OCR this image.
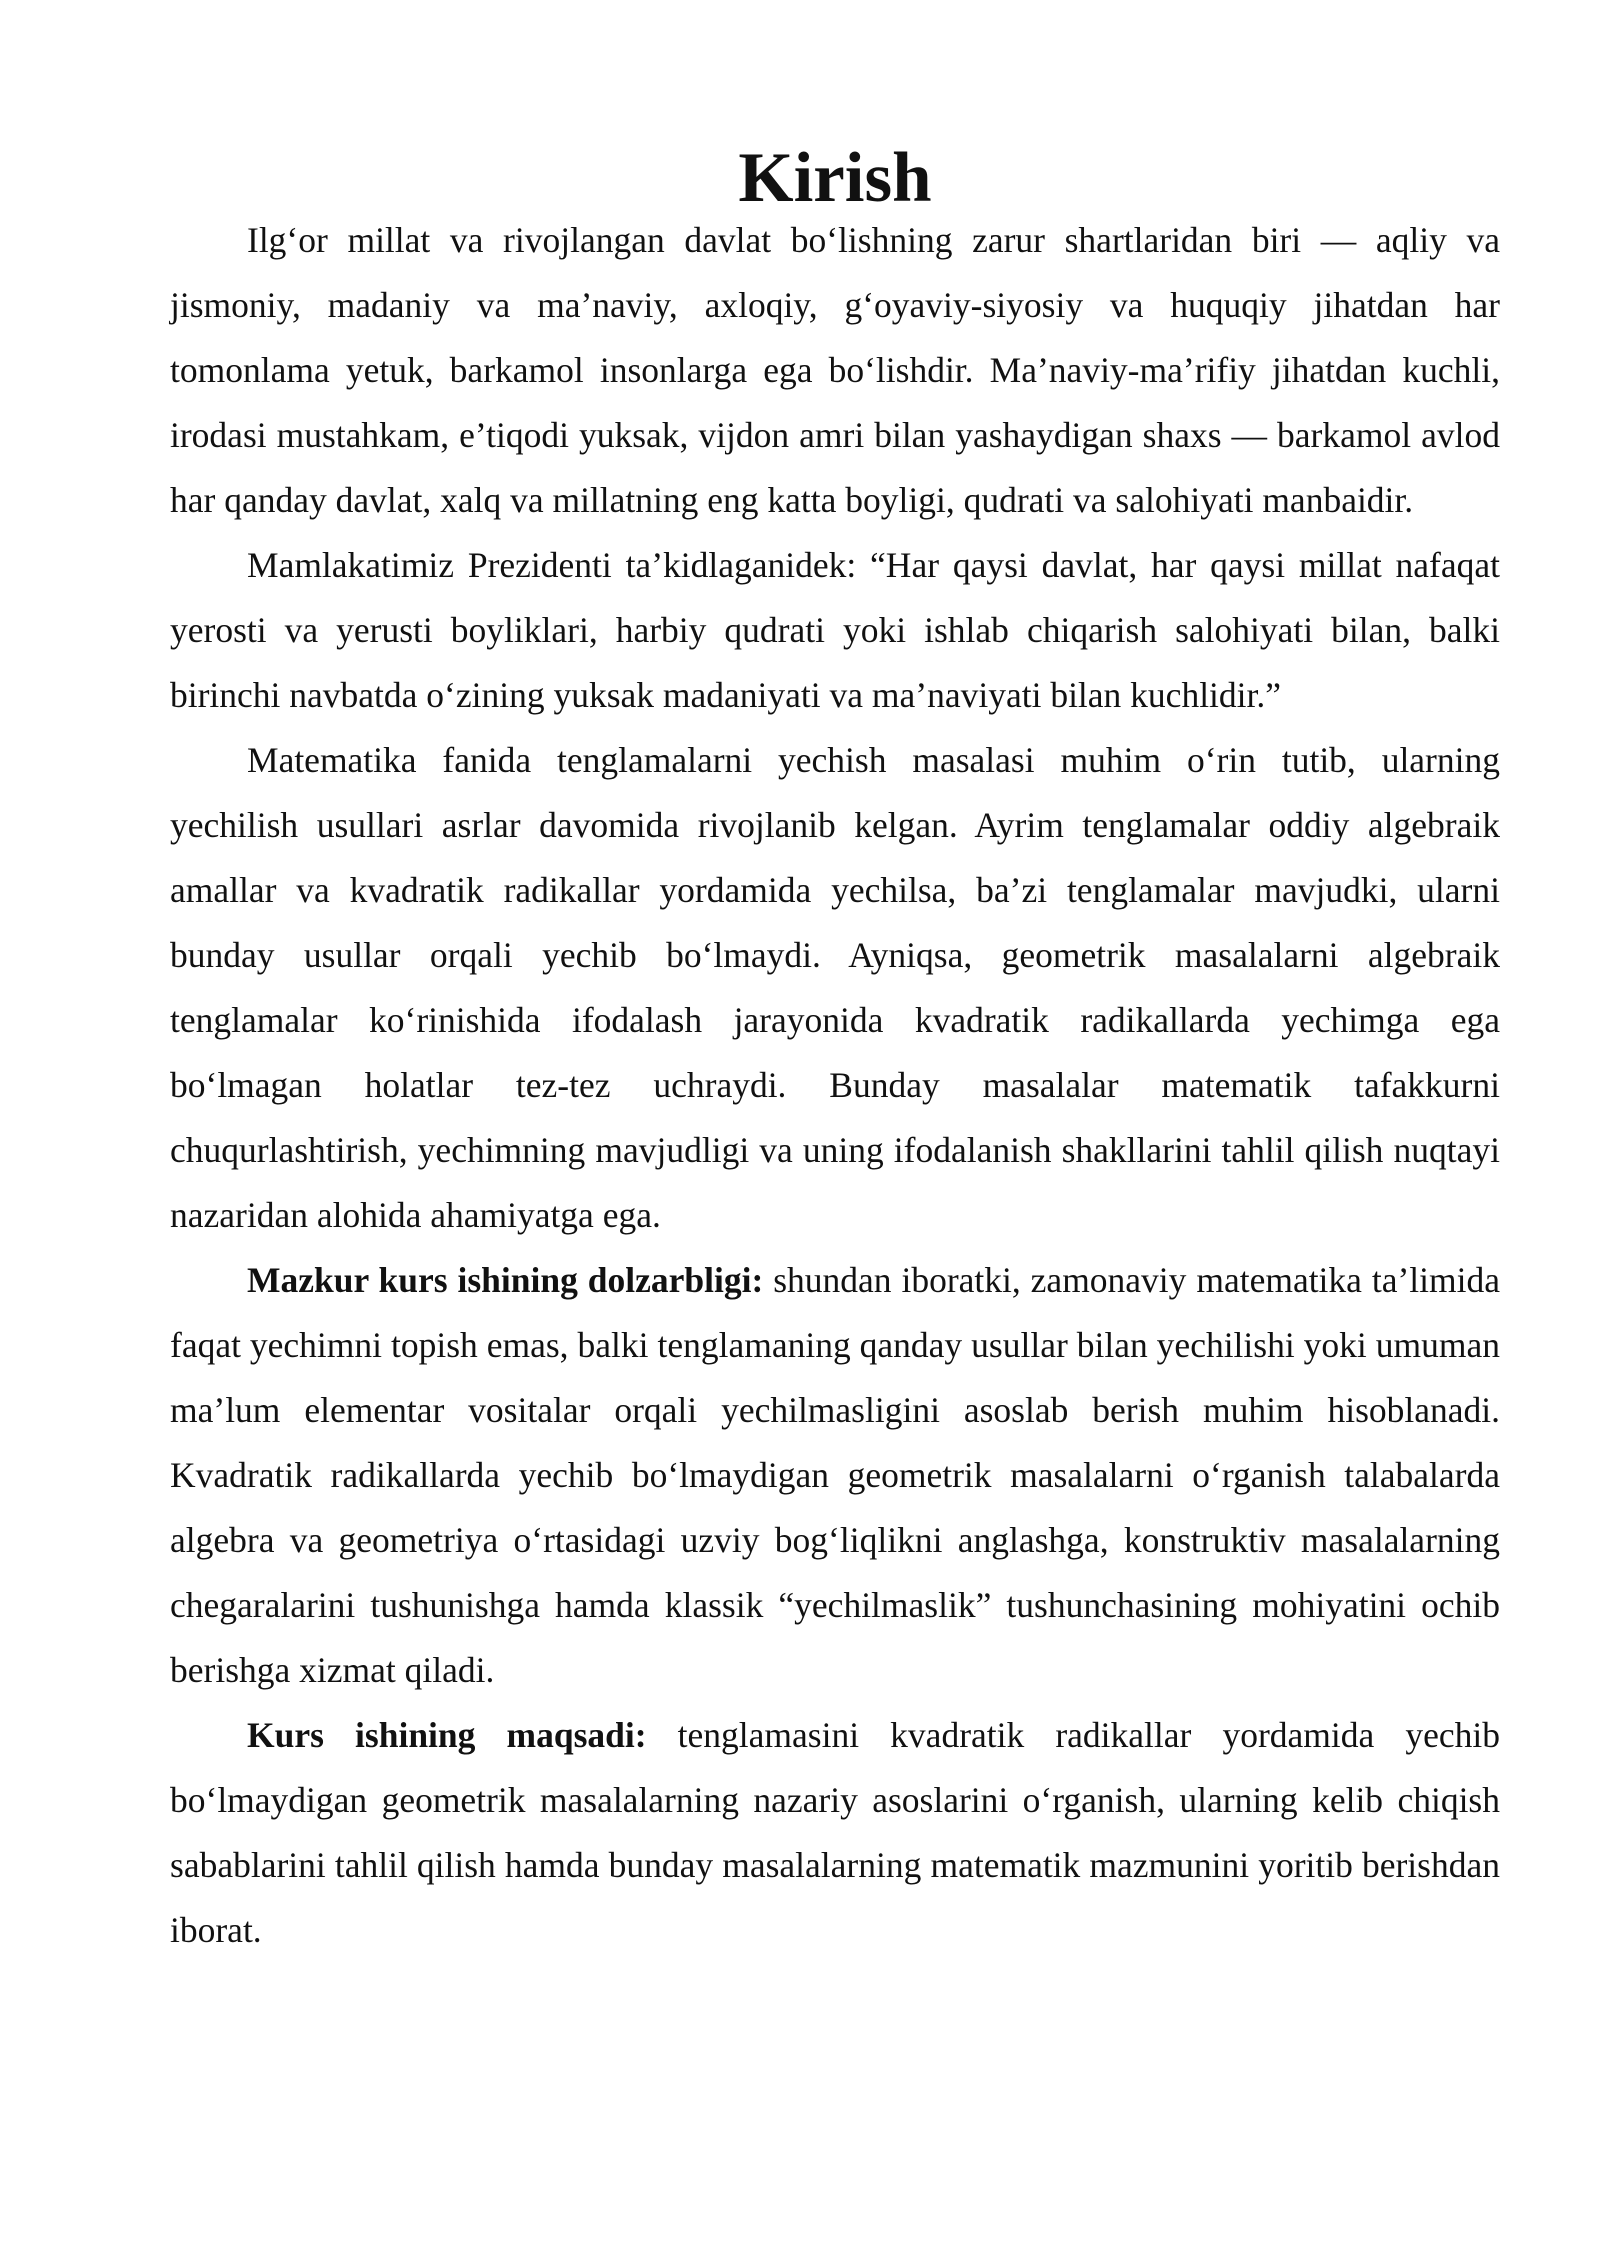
Kirish

Ilg‘or millat va rivojlangan davlat bo‘lishning zarur shartlaridan biri — aqliy va jismoniy, madaniy va ma’naviy, axloqiy, g‘oyaviy-siyosiy va huquqiy jihatdan har tomonlama yetuk, barkamol insonlarga ega bo‘lishdir. Ma’naviy-ma’rifiy jihatdan kuchli, irodasi mustahkam, e’tiqodi yuksak, vijdon amri bilan yashaydigan shaxs — barkamol avlod har qanday davlat, xalq va millatning eng katta boyligi, qudrati va salohiyati manbaidir.

Mamlakatimiz Prezidenti ta’kidlaganidek: “Har qaysi davlat, har qaysi millat nafaqat yerosti va yerusti boyliklari, harbiy qudrati yoki ishlab chiqarish salohiyati bilan, balki birinchi navbatda o‘zining yuksak madaniyati va ma’naviyati bilan kuchlidir.”

Matematika fanida tenglamalarni yechish masalasi muhim o‘rin tutib, ularning yechilish usullari asrlar davomida rivojlanib kelgan. Ayrim tenglamalar oddiy algebraik amallar va kvadratik radikallar yordamida yechilsa, ba’zi tenglamalar mavjudki, ularni bunday usullar orqali yechib bo‘lmaydi. Ayniqsa, geometrik masalalarni algebraik tenglamalar ko‘rinishida ifodalash jarayonida kvadratik radikallarda yechimga ega bo‘lmagan holatlar tez-tez uchraydi. Bunday masalalar matematik tafakkurni chuqurlashtirish, yechimning mavjudligi va uning ifodalanish shakllarini tahlil qilish nuqtayi nazaridan alohida ahamiyatga ega.

Mazkur kurs ishining dolzarbligi: shundan iboratki, zamonaviy matematika ta’limida faqat yechimni topish emas, balki tenglamaning qanday usullar bilan yechilishi yoki umuman ma’lum elementar vositalar orqali yechilmasligini asoslab berish muhim hisoblanadi. Kvadratik radikallarda yechib bo‘lmaydigan geometrik masalalarni o‘rganish talabalarda algebra va geometriya o‘rtasidagi uzviy bog‘liqlikni anglashga, konstruktiv masalalarning chegaralarini tushunishga hamda klassik “yechilmaslik” tushunchasining mohiyatini ochib berishga xizmat qiladi.

Kurs ishining maqsadi: tenglamasini kvadratik radikallar yordamida yechib bo‘lmaydigan geometrik masalalarning nazariy asoslarini o‘rganish, ularning kelib chiqish sabablarini tahlil qilish hamda bunday masalalarning matematik mazmunini yoritib berishdan iborat.
